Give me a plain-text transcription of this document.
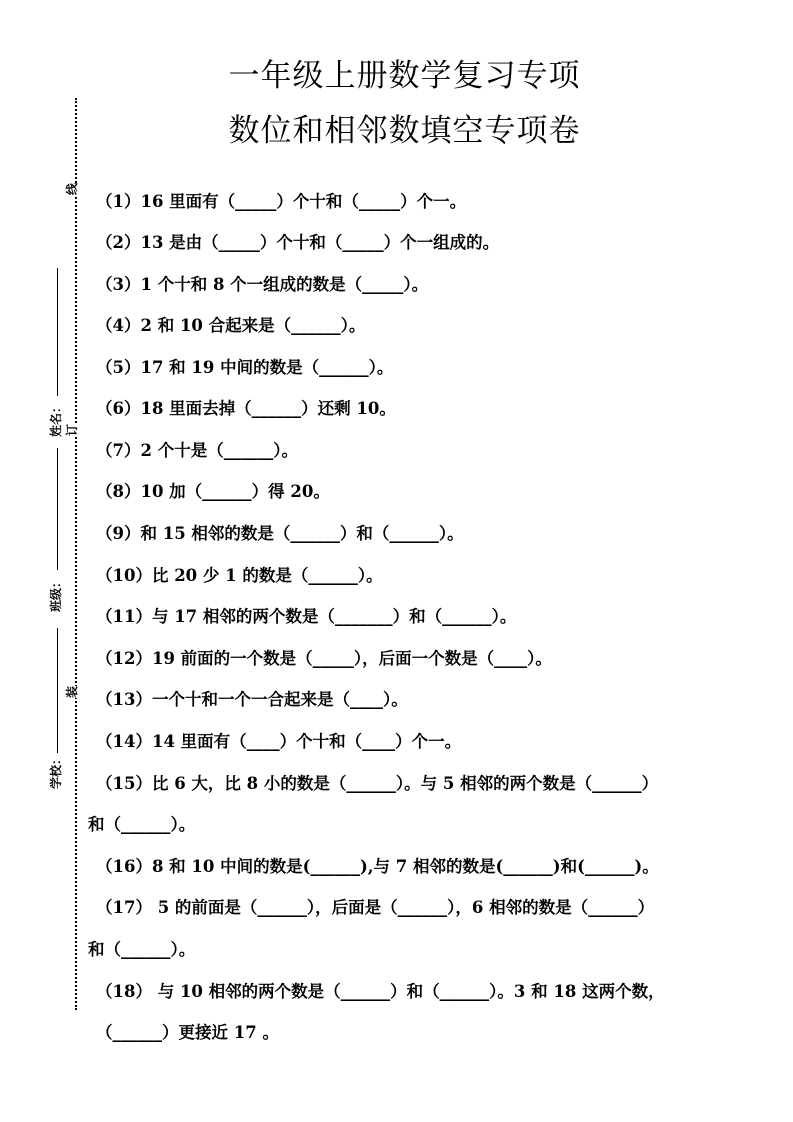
一年级上册数学复习专项
数位和相邻数填空专项卷
线
姓名： 订
班级：
装
学校：
（1）16 里面有（_____）个十和（_____）个一。
（2）13 是由（_____）个十和（_____）个一组成的。
（3）1 个十和 8 个一组成的数是（_____）。
（4）2 和 10 合起来是（______）。
（5）17 和 19 中间的数是（______）。
（6）18 里面去掉（______）还剩 10。
（7）2 个十是（______）。
（8）10 加（______）得 20。
（9）和 15 相邻的数是（______）和（______）。
（10）比 20 少 1 的数是（______）。
（11）与 17 相邻的两个数是（_______）和（______）。
（12）19 前面的一个数是（_____），后面一个数是（____）。
（13）一个十和一个一合起来是（____）。
（14）14 里面有（____）个十和（____）个一。
（15）比 6 大，比 8 小的数是（______）。与 5 相邻的两个数是（______）
和（______）。
（16）8 和 10 中间的数是(______),与 7 相邻的数是(______)和(______)。
（17） 5 的前面是（______），后面是（______），6 相邻的数是（______）
和（______）。
（18） 与 10 相邻的两个数是（______）和（______）。3 和 18 这两个数，
（______）更接近 17 。
